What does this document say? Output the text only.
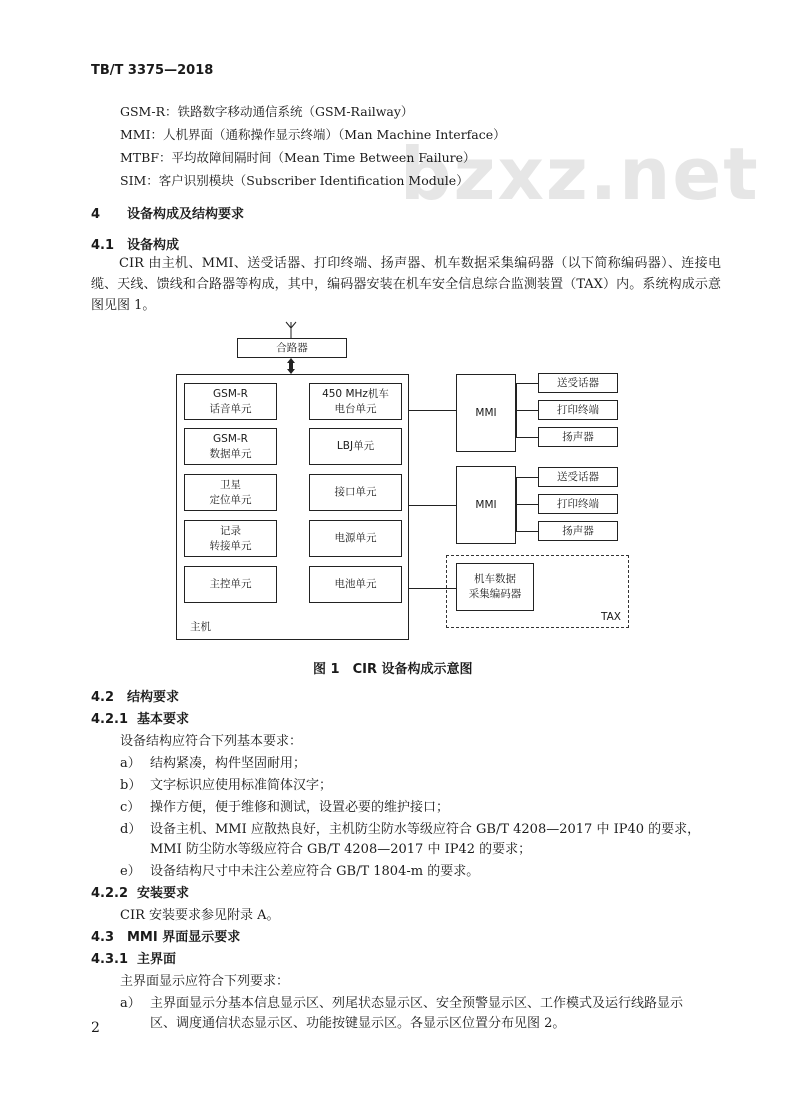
bzxz.net
TB/T 3375—2018
GSM-R：铁路数字移动通信系统（GSM-Railway）
MMI：人机界面（通称操作显示终端）（Man Machine Interface）
MTBF：平均故障间隔时间（Mean Time Between Failure）
SIM：客户识别模块（Subscriber Identification Module）
4 设备构成及结构要求
4.1 设备构成
CIR 由主机、MMI、送受话器、打印终端、扬声器、机车数据采集编码器（以下简称编码器）、连接电缆、天线、馈线和合路器等构成，其中，编码器安装在机车安全信息综合监测装置（TAX）内。系统构成示意图见图 1。
合路器
主机
GSM-R
话音单元
GSM-R
数据单元
卫星
定位单元
记录
转接单元
主控单元
450 MHz机车
电台单元
LBJ单元
接口单元
电源单元
电池单元
MMI
送受话器
打印终端
扬声器
MMI
送受话器
打印终端
扬声器
机车数据
采集编码器
TAX
图 1　CIR 设备构成示意图
4.2 结构要求
4.2.1 基本要求
设备结构应符合下列基本要求：
a） 结构紧凑，构件坚固耐用；
b） 文字标识应使用标准简体汉字；
c） 操作方便，便于维修和测试，设置必要的维护接口；
d） 设备主机、MMI 应散热良好，主机防尘防水等级应符合 GB/T 4208—2017 中 IP40 的要求，
MMI 防尘防水等级应符合 GB/T 4208—2017 中 IP42 的要求；
e） 设备结构尺寸中未注公差应符合 GB/T 1804-m 的要求。
4.2.2 安装要求
CIR 安装要求参见附录 A。
4.3 MMI 界面显示要求
4.3.1 主界面
主界面显示应符合下列要求：
a） 主界面显示分基本信息显示区、列尾状态显示区、安全预警显示区、工作模式及运行线路显示
区、调度通信状态显示区、功能按键显示区。各显示区位置分布见图 2。
2
